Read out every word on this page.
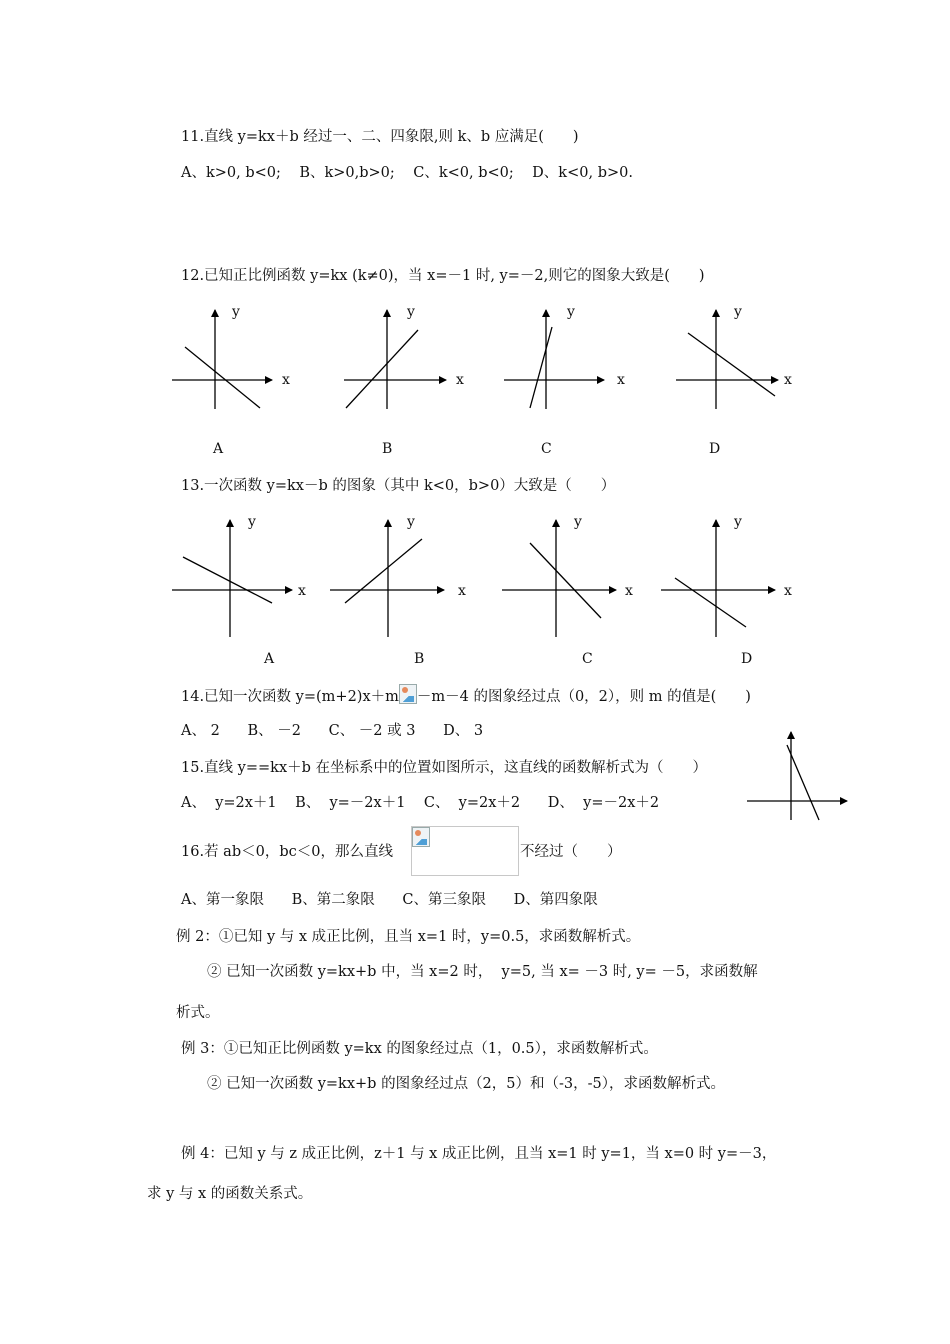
11.直线 y=kx＋b 经过一、二、四象限,则 k、b 应满足(　　)
A、k>0, b<0;    B、k>0,b>0;    C、k<0, b<0;    D、k<0, b>0.
12.已知正比例函数 y=kx (k≠0)，当 x=－1 时, y=－2,则它的图象大致是(　　)
y
x
A
y
x
B
y
x
C
y
x
D
13.一次函数 y=kx－b 的图象（其中 k<0，b>0）大致是（　　）
y
x
A
y
x
B
y
x
C
y
x
D
14.已知一次函数 y=(m+2)x＋m －m－4 的图象经过点（0，2），则 m 的值是(　　)
A、 2      B、 －2      C、 －2 或 3      D、 3
15.直线 y==kx＋b 在坐标系中的位置如图所示，这直线的函数解析式为（　　）
A、  y=2x＋1    B、  y=－2x＋1    C、  y=2x＋2      D、  y=－2x＋2
16.若 ab＜0，bc＜0，那么直线	不经过（　　）
A、第一象限      B、第二象限      C、第三象限      D、第四象限
例 2：①已知 y 与 x 成正比例，且当 x=1 时，y=0.5，求函数解析式。
② 已知一次函数 y=kx+b 中，当 x=2 时，  y=5, 当 x= －3 时, y= －5，求函数解
析式。
例 3：①已知正比例函数 y=kx 的图象经过点（1，0.5），求函数解析式。
② 已知一次函数 y=kx+b 的图象经过点（2，5）和（-3，-5），求函数解析式。
例 4：已知 y 与 z 成正比例，z＋1 与 x 成正比例，且当 x=1 时 y=1，当 x=0 时 y=－3，
求 y 与 x 的函数关系式。
